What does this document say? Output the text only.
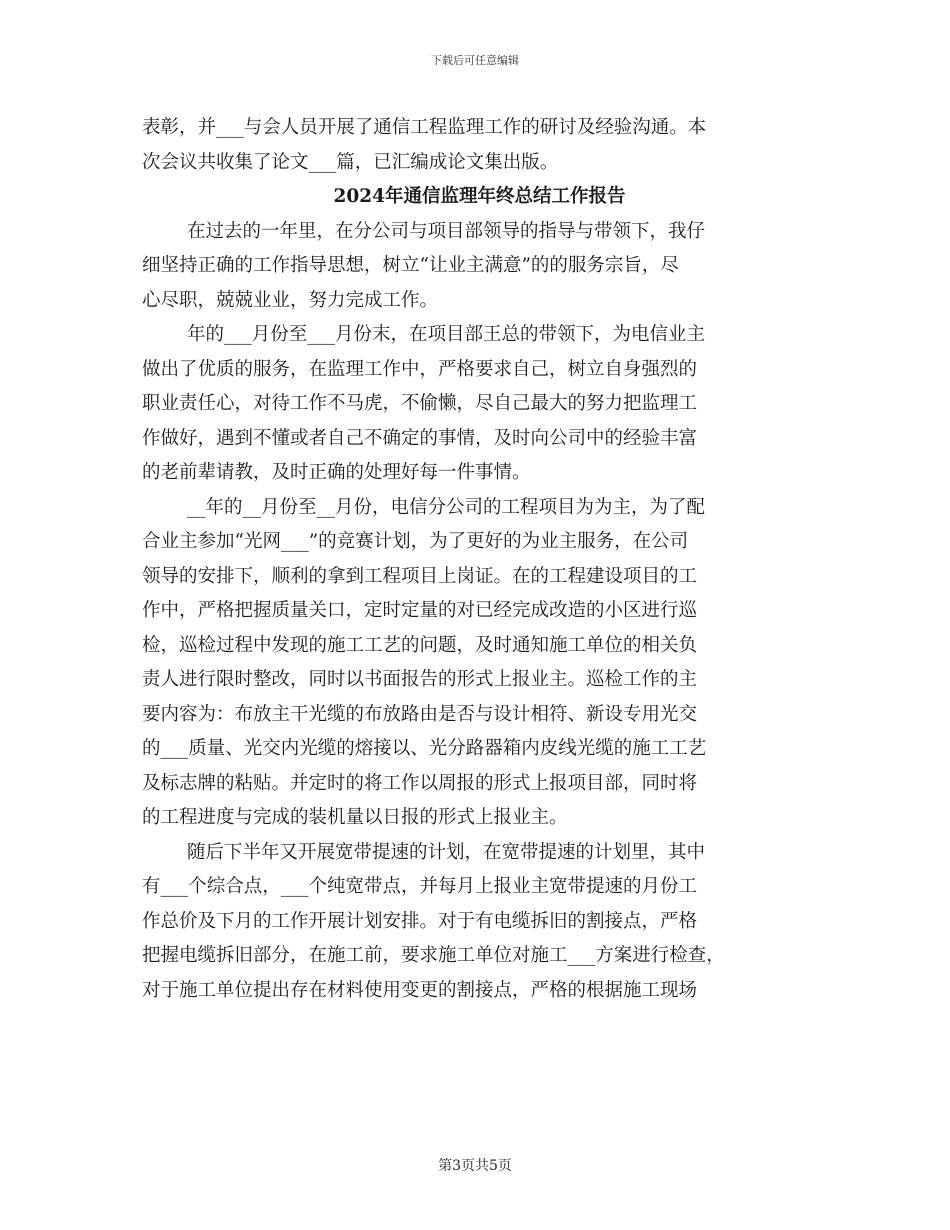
下载后可任意编辑
表彰，并___与会人员开展了通信工程监理工作的研讨及经验沟通。本
次会议共收集了论文___篇，已汇编成论文集出版。
2024年通信监理年终总结工作报告
在过去的一年里，在分公司与项目部领导的指导与带领下，我仔
细坚持正确的工作指导思想，树立“让业主满意”的的服务宗旨，尽
心尽职，兢兢业业，努力完成工作。
年的___月份至___月份末，在项目部王总的带领下，为电信业主
做出了优质的服务，在监理工作中，严格要求自己，树立自身强烈的
职业责任心，对待工作不马虎，不偷懒，尽自己最大的努力把监理工
作做好，遇到不懂或者自己不确定的事情，及时向公司中的经验丰富
的老前辈请教，及时正确的处理好每一件事情。
__年的__月份至__月份，电信分公司的工程项目为为主，为了配
合业主参加“光网___”的竞赛计划，为了更好的为业主服务，在公司
领导的安排下，顺利的拿到工程项目上岗证。在的工程建设项目的工
作中，严格把握质量关口，定时定量的对已经完成改造的小区进行巡
检，巡检过程中发现的施工工艺的问题，及时通知施工单位的相关负
责人进行限时整改，同时以书面报告的形式上报业主。巡检工作的主
要内容为：布放主干光缆的布放路由是否与设计相符、新设专用光交
的___质量、光交内光缆的熔接以、光分路器箱内皮线光缆的施工工艺
及标志牌的粘贴。并定时的将工作以周报的形式上报项目部，同时将
的工程进度与完成的装机量以日报的形式上报业主。
随后下半年又开展宽带提速的计划，在宽带提速的计划里，其中
有___个综合点，___个纯宽带点，并每月上报业主宽带提速的月份工
作总价及下月的工作开展计划安排。对于有电缆拆旧的割接点，严格
把握电缆拆旧部分，在施工前，要求施工单位对施工___方案进行检查，
对于施工单位提出存在材料使用变更的割接点，严格的根据施工现场
第3页共5页
